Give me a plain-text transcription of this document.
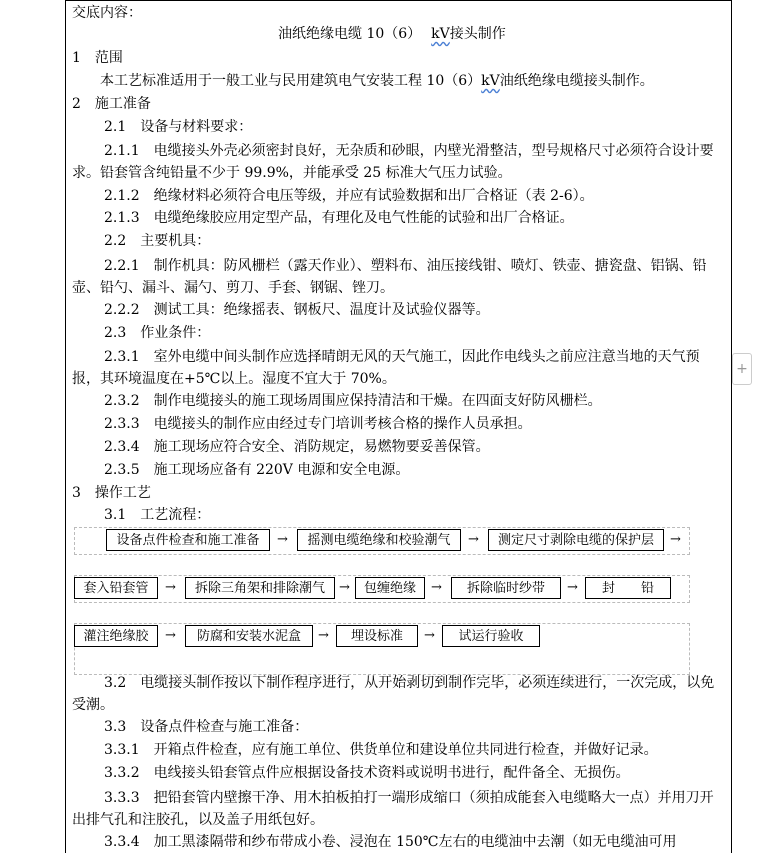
交底内容：
油纸绝缘电缆 10（6） kV接头制作
1　范围
本工艺标准适用于一般工业与民用建筑电气安装工程 10（6）kV油纸绝缘电缆接头制作。
2　施工准备
2.1　设备与材料要求：
2.1.1　电缆接头外壳必须密封良好，无杂质和砂眼，内壁光滑整洁，型号规格尺寸必须符合设计要求。铅套管含纯铅量不少于 99.9%，并能承受 25 标准大气压力试验。
2.1.2　绝缘材料必须符合电压等级，并应有试验数据和出厂合格证（表 2-6）。
2.1.3　电缆绝缘胶应用定型产品，有理化及电气性能的试验和出厂合格证。
2.2　主要机具：
2.2.1　制作机具：防风栅栏（露天作业）、塑料布、油压接线钳、喷灯、铁壶、搪瓷盘、铝锅、铅壶、铅勺、漏斗、漏勺、剪刀、手套、钢锯、锉刀。
2.2.2　测试工具：绝缘摇表、钢板尺、温度计及试验仪器等。
2.3　作业条件：
2.3.1　室外电缆中间头制作应选择晴朗无风的天气施工，因此作电线头之前应注意当地的天气预报，其环境温度在+5℃以上。湿度不宜大于 70%。
2.3.2　制作电缆接头的施工现场周围应保持清洁和干燥。在四面支好防风栅栏。
2.3.3　电缆接头的制作应由经过专门培训考核合格的操作人员承担。
2.3.4　施工现场应符合安全、消防规定，易燃物要妥善保管。
2.3.5　施工现场应备有 220V 电源和安全电源。
3　操作工艺
3.1　工艺流程：
设备点件检查和施工准备	→	摇测电缆绝缘和校验潮气	→	测定尺寸剥除电缆的保护层	→
套入铅套管	→	拆除三角架和排除潮气	→	包缠绝缘	→	拆除临时纱带	→	封　　铅
灌注绝缘胶	→	防腐和安装水泥盒	→	埋设标准	→	试运行验收
3.2　电缆接头制作按以下制作程序进行，从开始剥切到制作完毕，必须连续进行，一次完成，以免受潮。
3.3　设备点件检查与施工准备：
3.3.1　开箱点件检查，应有施工单位、供货单位和建设单位共同进行检查，并做好记录。
3.3.2　电线接头铅套管点件应根据设备技术资料或说明书进行，配件备全、无损伤。
3.3.3　把铅套管内壁擦干净、用木拍板拍打一端形成缩口（须拍成能套入电缆略大一点）并用刀开出排气孔和注胶孔，以及盖子用纸包好。
3.3.4　加工黑漆隔带和纱布带成小卷、浸泡在 150℃左右的电缆油中去潮（如无电缆油可用
+
